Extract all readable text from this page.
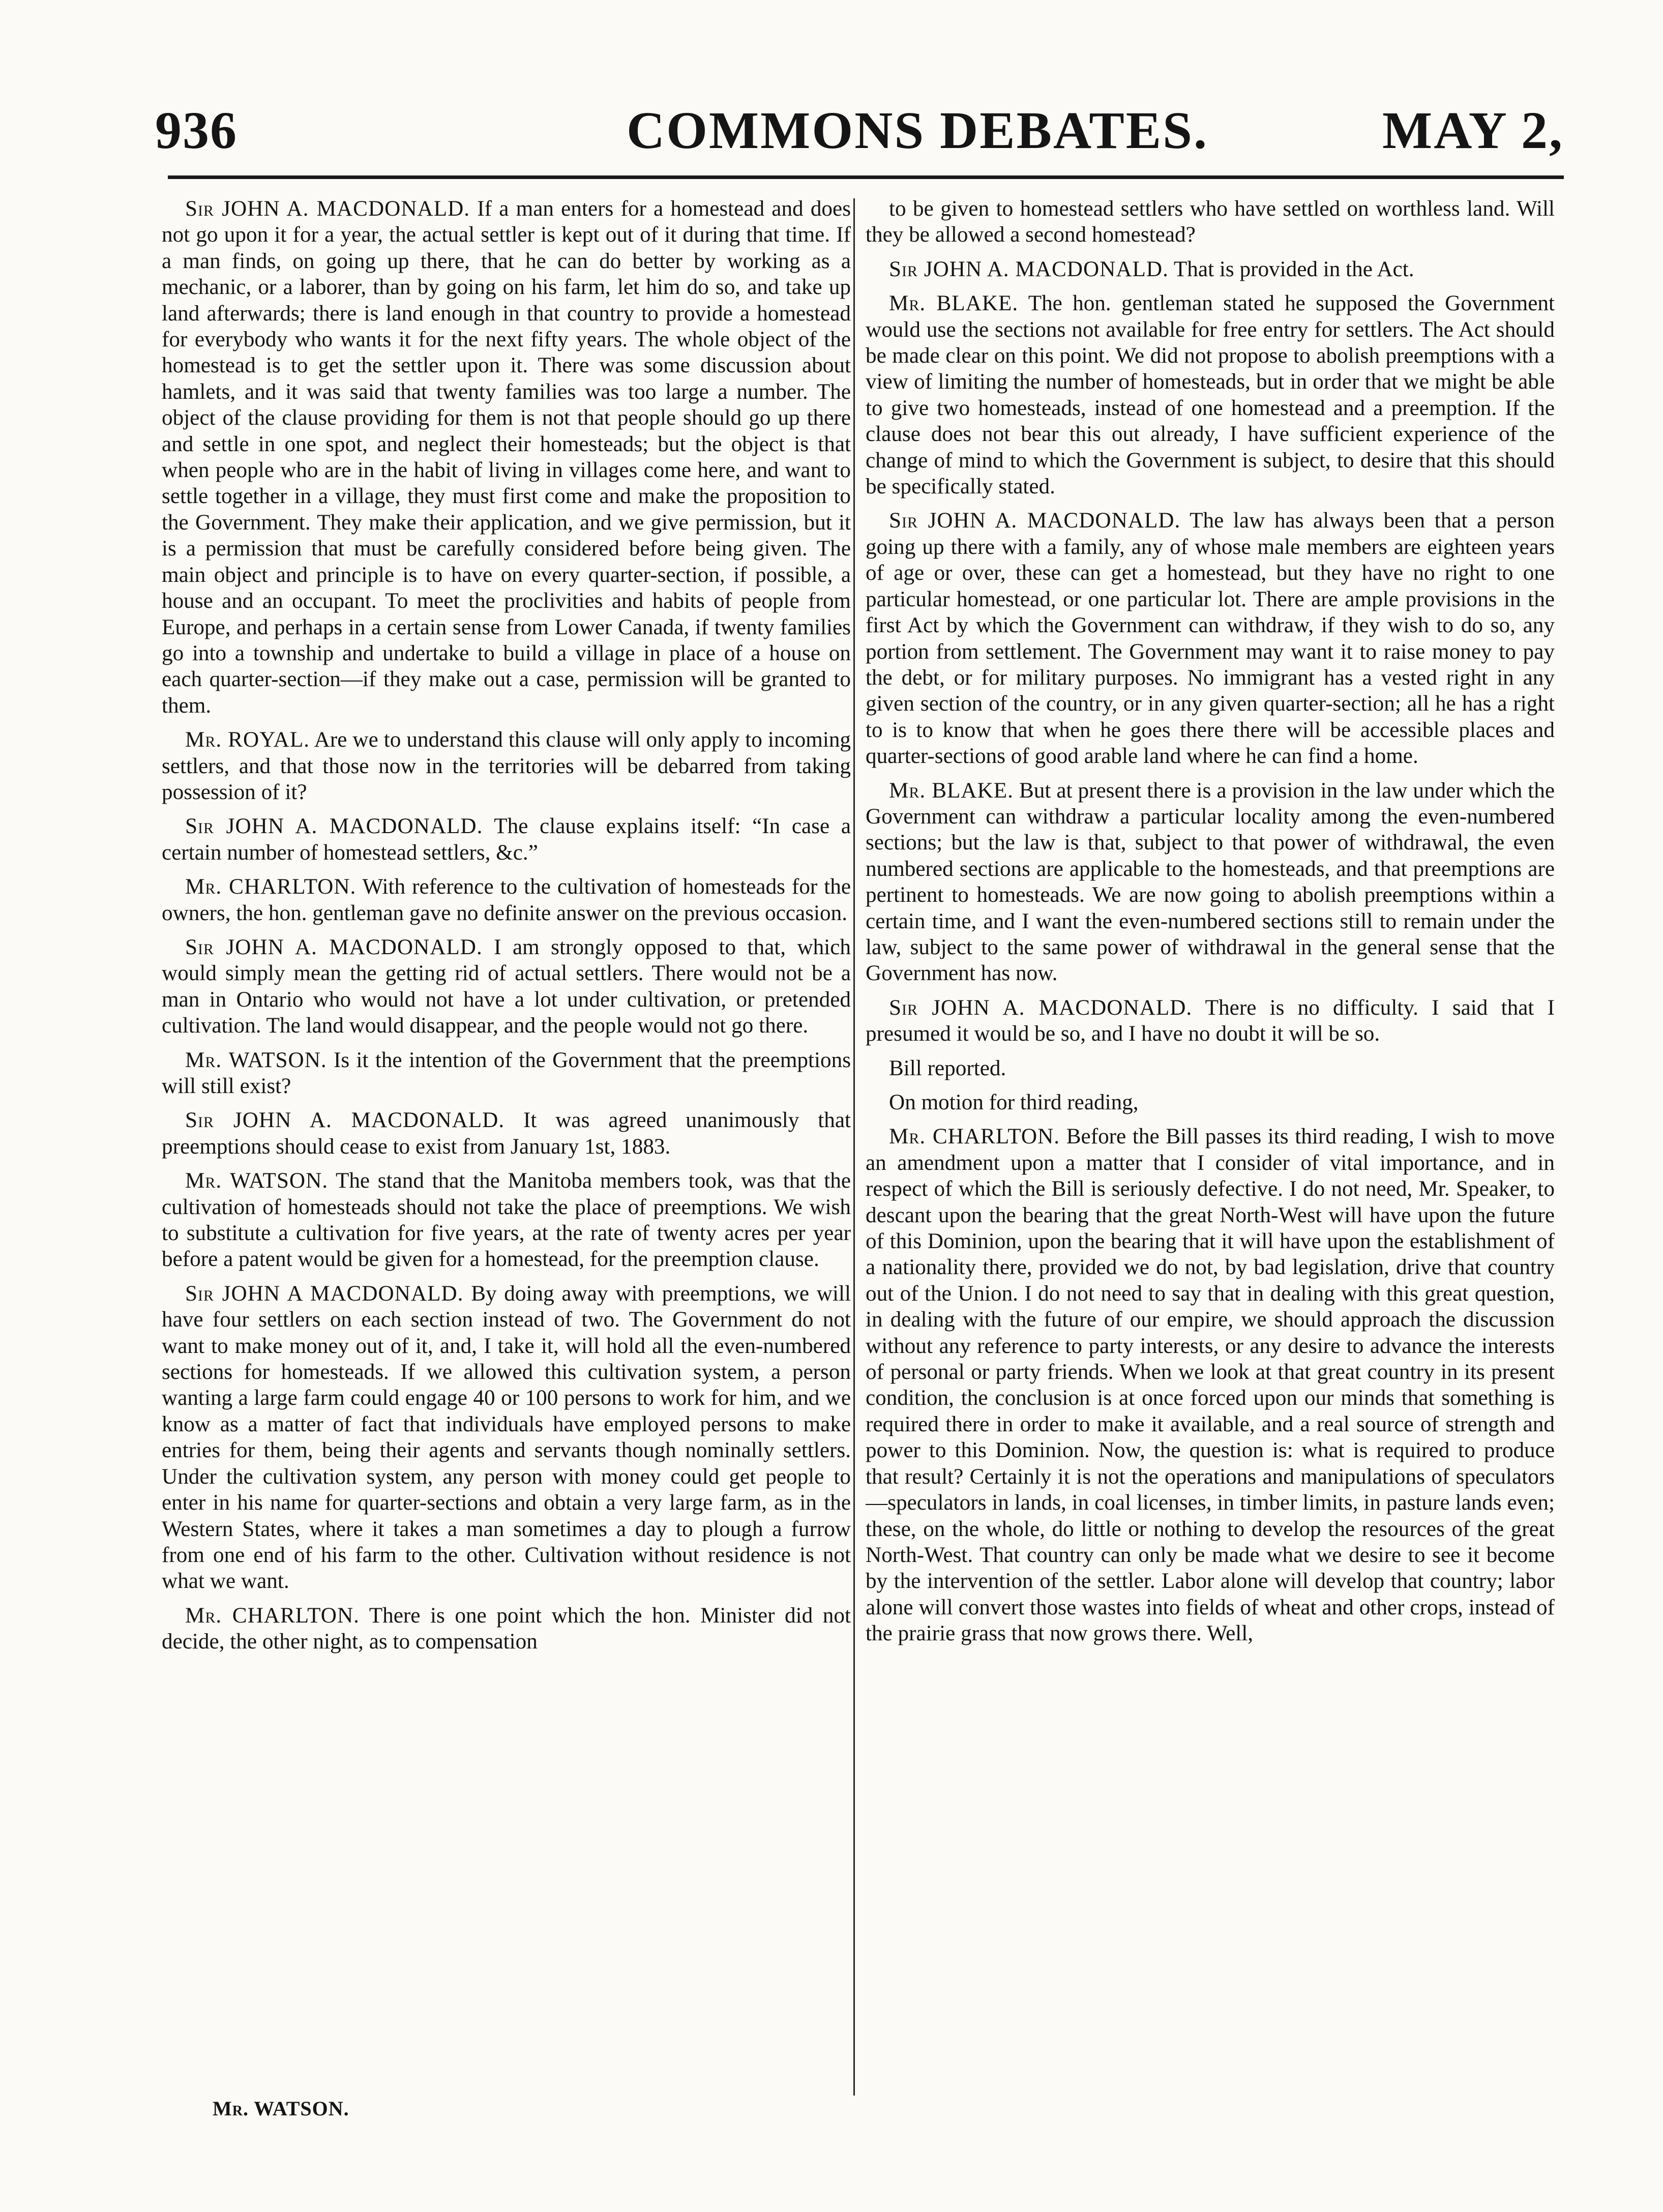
936	COMMONS DEBATES.	MAY 2,

Sir JOHN A. MACDONALD. If a man enters for a homestead and does not go upon it for a year, the actual settler is kept out of it during that time. If a man finds, on going up there, that he can do better by working as a mechanic, or a laborer, than by going on his farm, let him do so, and take up land afterwards; there is land enough in that country to provide a homestead for everybody who wants it for the next fifty years. The whole object of the homestead is to get the settler upon it. There was some discussion about hamlets, and it was said that twenty families was too large a number. The object of the clause providing for them is not that people should go up there and settle in one spot, and neglect their homesteads; but the object is that when people who are in the habit of living in villages come here, and want to settle together in a village, they must first come and make the proposition to the Government. They make their application, and we give permission, but it is a permission that must be carefully considered before being given. The main object and principle is to have on every quarter-section, if possible, a house and an occupant. To meet the proclivities and habits of people from Europe, and perhaps in a certain sense from Lower Canada, if twenty families go into a township and undertake to build a village in place of a house on each quarter-section—if they make out a case, permission will be granted to them.

Mr. ROYAL. Are we to understand this clause will only apply to incoming settlers, and that those now in the territories will be debarred from taking possession of it?

Sir JOHN A. MACDONALD. The clause explains itself: “In case a certain number of homestead settlers, &c.”

Mr. CHARLTON. With reference to the cultivation of homesteads for the owners, the hon. gentleman gave no definite answer on the previous occasion.

Sir JOHN A. MACDONALD. I am strongly opposed to that, which would simply mean the getting rid of actual settlers. There would not be a man in Ontario who would not have a lot under cultivation, or pretended cultivation. The land would disappear, and the people would not go there.

Mr. WATSON. Is it the intention of the Government that the preemptions will still exist?

Sir JOHN A. MACDONALD. It was agreed unanimously that preemptions should cease to exist from January 1st, 1883.

Mr. WATSON. The stand that the Manitoba members took, was that the cultivation of homesteads should not take the place of preemptions. We wish to substitute a cultivation for five years, at the rate of twenty acres per year before a patent would be given for a homestead, for the preemption clause.

Sir JOHN A MACDONALD. By doing away with preemptions, we will have four settlers on each section instead of two. The Government do not want to make money out of it, and, I take it, will hold all the even-numbered sections for homesteads. If we allowed this cultivation system, a person wanting a large farm could engage 40 or 100 persons to work for him, and we know as a matter of fact that individuals have employed persons to make entries for them, being their agents and servants though nominally settlers. Under the cultivation system, any person with money could get people to enter in his name for quarter-sections and obtain a very large farm, as in the Western States, where it takes a man sometimes a day to plough a furrow from one end of his farm to the other. Cultivation without residence is not what we want.

Mr. CHARLTON. There is one point which the hon. Minister did not decide, the other night, as to compensation

to be given to homestead settlers who have settled on worthless land. Will they be allowed a second homestead?

Sir JOHN A. MACDONALD. That is provided in the Act.

Mr. BLAKE. The hon. gentleman stated he supposed the Government would use the sections not available for free entry for settlers. The Act should be made clear on this point. We did not propose to abolish preemptions with a view of limiting the number of homesteads, but in order that we might be able to give two homesteads, instead of one homestead and a preemption. If the clause does not bear this out already, I have sufficient experience of the change of mind to which the Government is subject, to desire that this should be specifically stated.

Sir JOHN A. MACDONALD. The law has always been that a person going up there with a family, any of whose male members are eighteen years of age or over, these can get a homestead, but they have no right to one particular homestead, or one particular lot. There are ample provisions in the first Act by which the Government can withdraw, if they wish to do so, any portion from settlement. The Government may want it to raise money to pay the debt, or for military purposes. No immigrant has a vested right in any given section of the country, or in any given quarter-section; all he has a right to is to know that when he goes there there will be accessible places and quarter-sections of good arable land where he can find a home.

Mr. BLAKE. But at present there is a provision in the law under which the Government can withdraw a particular locality among the even-numbered sections; but the law is that, subject to that power of withdrawal, the even numbered sections are applicable to the homesteads, and that preemptions are pertinent to homesteads. We are now going to abolish preemptions within a certain time, and I want the even-numbered sections still to remain under the law, subject to the same power of withdrawal in the general sense that the Government has now.

Sir JOHN A. MACDONALD. There is no difficulty. I said that I presumed it would be so, and I have no doubt it will be so.

Bill reported.

On motion for third reading,

Mr. CHARLTON. Before the Bill passes its third reading, I wish to move an amendment upon a matter that I consider of vital importance, and in respect of which the Bill is seriously defective. I do not need, Mr. Speaker, to descant upon the bearing that the great North-West will have upon the future of this Dominion, upon the bearing that it will have upon the establishment of a nationality there, provided we do not, by bad legislation, drive that country out of the Union. I do not need to say that in dealing with this great question, in dealing with the future of our empire, we should approach the discussion without any reference to party interests, or any desire to advance the interests of personal or party friends. When we look at that great country in its present condition, the conclusion is at once forced upon our minds that something is required there in order to make it available, and a real source of strength and power to this Dominion. Now, the question is: what is required to produce that result? Certainly it is not the operations and manipulations of speculators—speculators in lands, in coal licenses, in timber limits, in pasture lands even; these, on the whole, do little or nothing to develop the resources of the great North-West. That country can only be made what we desire to see it become by the intervention of the settler. Labor alone will develop that country; labor alone will convert those wastes into fields of wheat and other crops, instead of the prairie grass that now grows there. Well,

Mr. WATSON.
